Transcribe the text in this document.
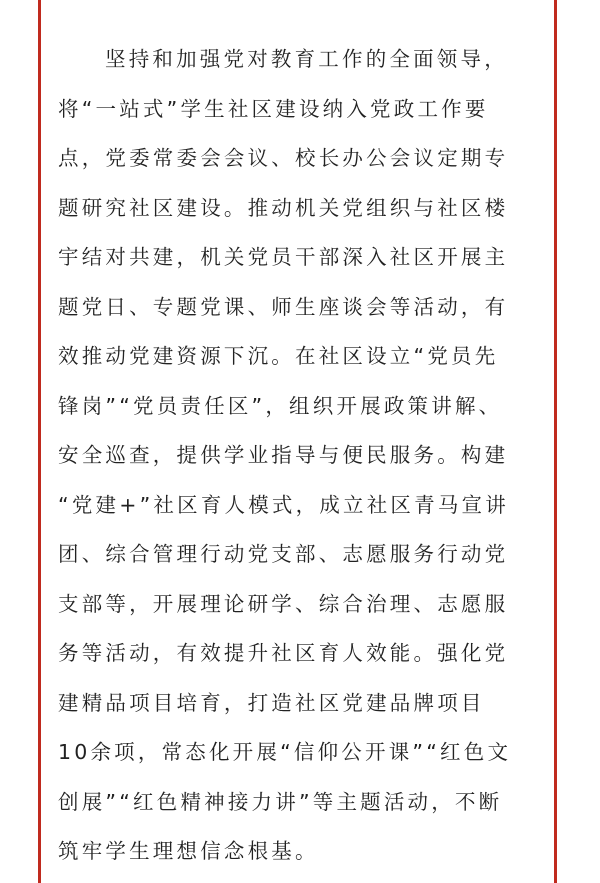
坚持和加强党对教育工作的全面领导，
将“一站式”学生社区建设纳入党政工作要
点，党委常委会会议、校长办公会议定期专
题研究社区建设。推动机关党组织与社区楼
宇结对共建，机关党员干部深入社区开展主
题党日、专题党课、师生座谈会等活动，有
效推动党建资源下沉。在社区设立“党员先
锋岗”“党员责任区”，组织开展政策讲解、
安全巡查，提供学业指导与便民服务。构建
“党建+”社区育人模式，成立社区青马宣讲
团、综合管理行动党支部、志愿服务行动党
支部等，开展理论研学、综合治理、志愿服
务等活动，有效提升社区育人效能。强化党
建精品项目培育，打造社区党建品牌项目
10余项，常态化开展“信仰公开课”“红色文
创展”“红色精神接力讲”等主题活动，不断
筑牢学生理想信念根基。
